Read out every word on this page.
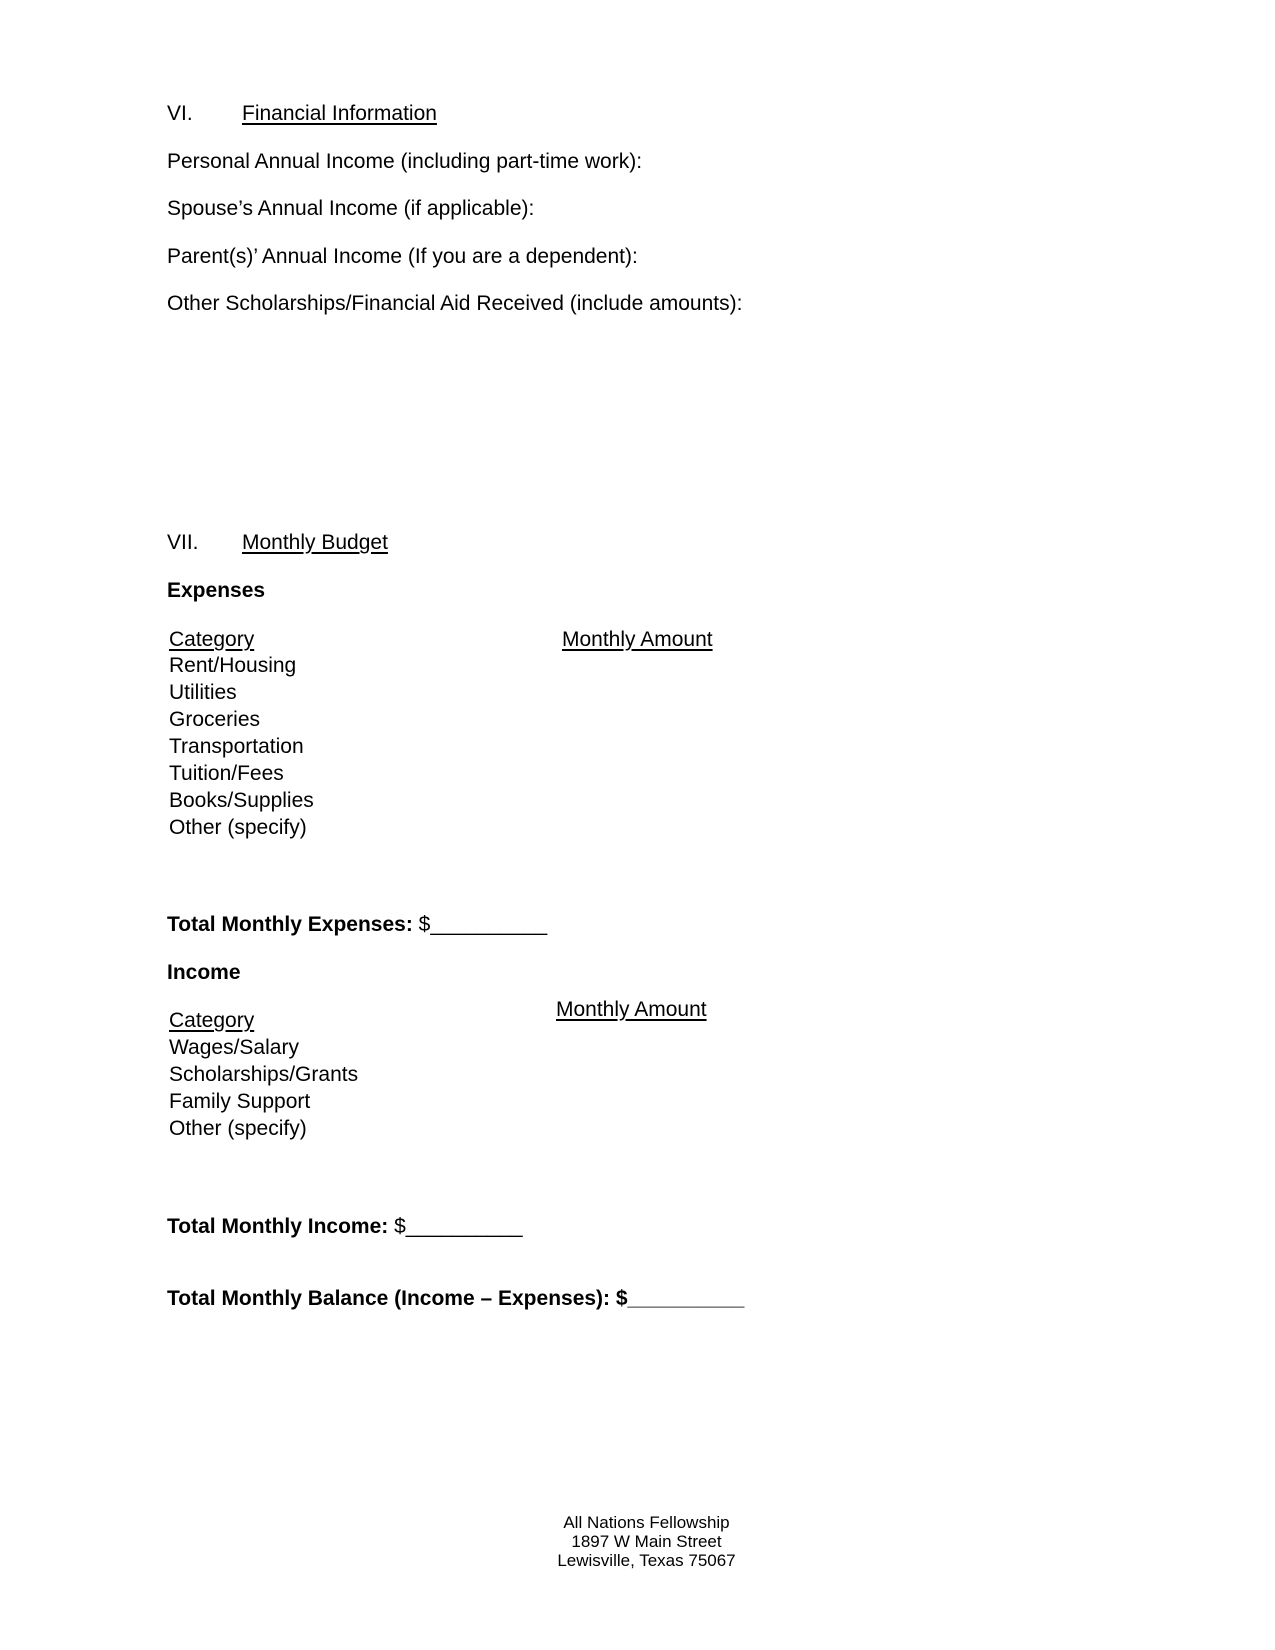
VI. Financial Information
Personal Annual Income (including part-time work):
Spouse’s Annual Income (if applicable):
Parent(s)’ Annual Income (If you are a dependent):
Other Scholarships/Financial Aid Received (include amounts):
VII. Monthly Budget
Expenses
Category	Monthly Amount
Rent/Housing
Utilities
Groceries
Transportation
Tuition/Fees
Books/Supplies
Other (specify)
Total Monthly Expenses: $__________
Income
Category	Monthly Amount
Wages/Salary
Scholarships/Grants
Family Support
Other (specify)
Total Monthly Income: $__________
Total Monthly Balance (Income – Expenses): $__________
All Nations Fellowship
1897 W Main Street
Lewisville, Texas 75067
